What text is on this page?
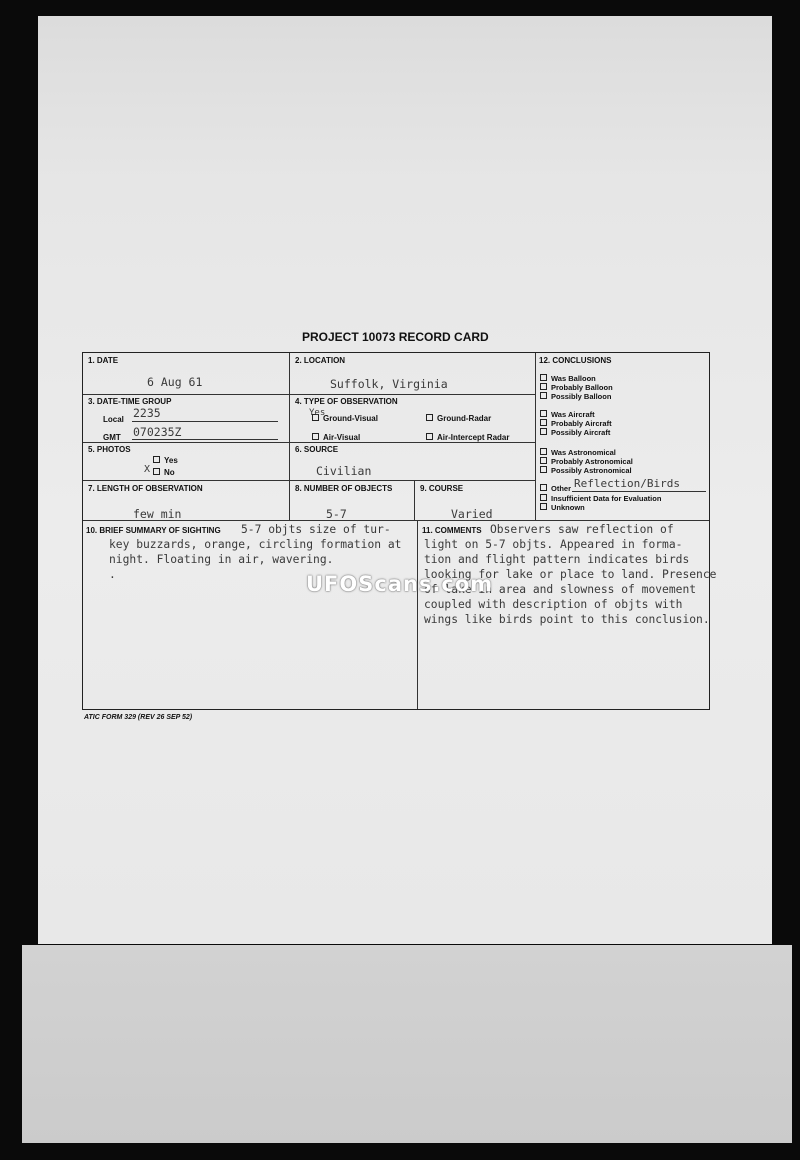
PROJECT 10073 RECORD CARD
1. DATE
6 Aug 61
2. LOCATION
Suffolk, Virginia
3. DATE-TIME GROUP
Local 2235
GMT 070235Z
4. TYPE OF OBSERVATION
Ground-Visual
Yes
Ground-Radar
Air-Visual	Air-Intercept Radar
5. PHOTOS
Yes
No
X
6. SOURCE
Civilian
7. LENGTH OF OBSERVATION
few min
8. NUMBER OF OBJECTS
5-7
9. COURSE
Varied
12. CONCLUSIONS
Was Balloon
Probably Balloon
Possibly Balloon
Was Aircraft
Probably Aircraft
Possibly Aircraft
Was Astronomical
Probably Astronomical
Possibly Astronomical
Other Reflection/Birds
Insufficient Data for Evaluation
Unknown
10. BRIEF SUMMARY OF SIGHTING 5-7 objts size of tur-
key buzzards, orange, circling formation at
night. Floating in air, wavering.
.
11. COMMENTS Observers saw reflection of
light on 5-7 objts. Appeared in forma-
tion and flight pattern indicates birds
looking for lake or place to land. Presence
of lake in area and slowness of movement
coupled with description of objts with
wings like birds point to this conclusion.
ATIC FORM 329 (REV 26 SEP 52)
UFOScans.com
